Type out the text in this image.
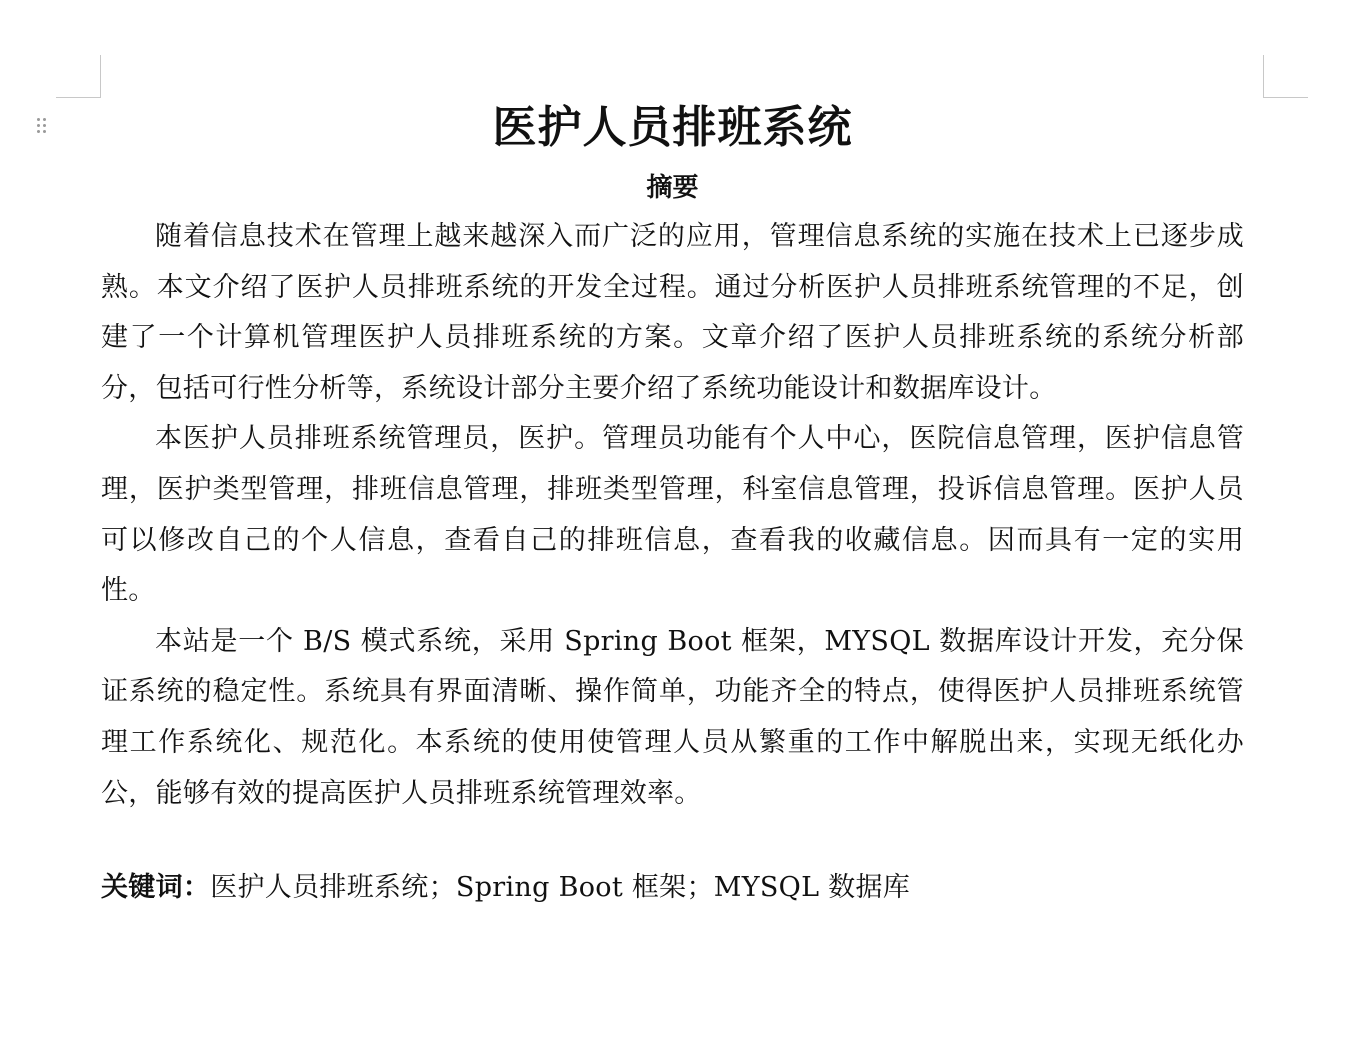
医护人员排班系统
摘要

随着信息技术在管理上越来越深入而广泛的应用，管理信息系统的实施在技术上已逐步成熟。本文介绍了医护人员排班系统的开发全过程。通过分析医护人员排班系统管理的不足，创建了一个计算机管理医护人员排班系统的方案。文章介绍了医护人员排班系统的系统分析部分，包括可行性分析等，系统设计部分主要介绍了系统功能设计和数据库设计。

本医护人员排班系统管理员，医护。管理员功能有个人中心，医院信息管理，医护信息管理，医护类型管理，排班信息管理，排班类型管理，科室信息管理，投诉信息管理。医护人员可以修改自己的个人信息，查看自己的排班信息，查看我的收藏信息。因而具有一定的实用性。

本站是一个 B/S 模式系统，采用 Spring Boot 框架，MYSQL 数据库设计开发，充分保证系统的稳定性。系统具有界面清晰、操作简单，功能齐全的特点，使得医护人员排班系统管理工作系统化、规范化。本系统的使用使管理人员从繁重的工作中解脱出来，实现无纸化办公，能够有效的提高医护人员排班系统管理效率。

关键词：医护人员排班系统；Spring Boot 框架；MYSQL 数据库
